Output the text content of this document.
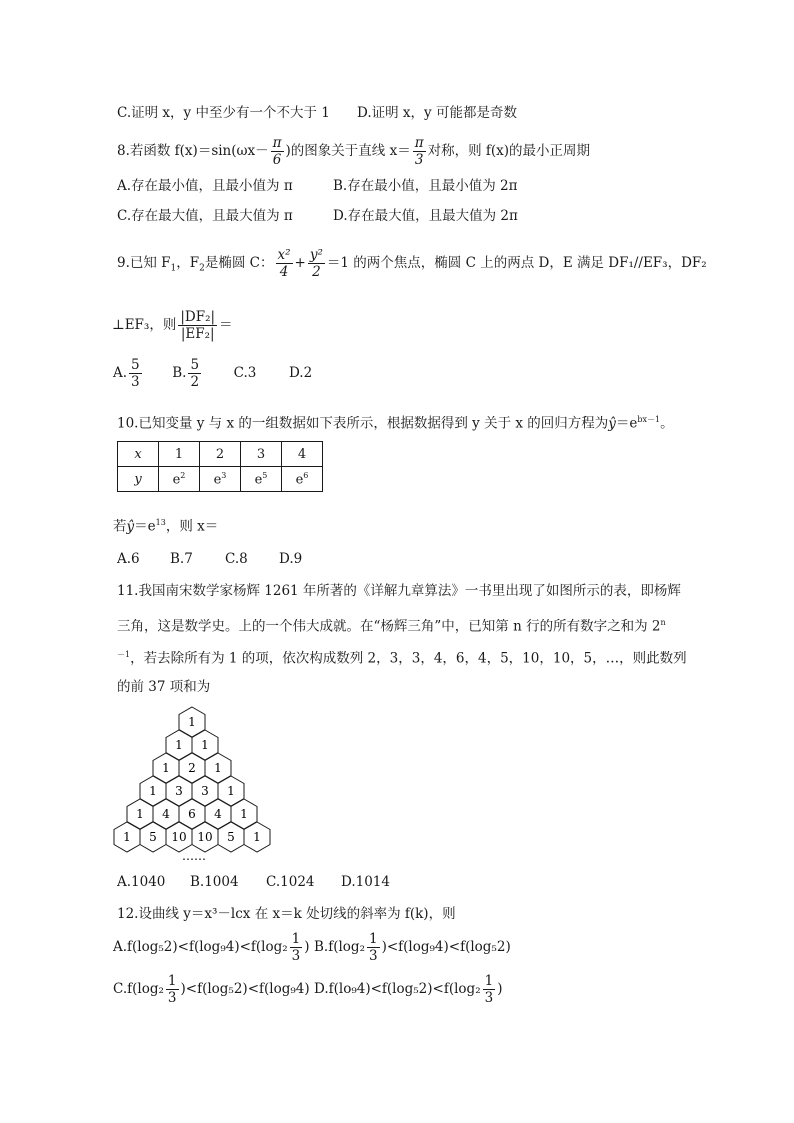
C.证明 x，y 中至少有一个不大于 1 D.证明 x，y 可能都是奇数
8.若函数 $f(x)=\sin(\omega x- \frac{\pi}{6}$ )的图象关于直线 $x= \frac{\pi}{3}$ 对称，则 f(x)的最小正周期
A.存在最小值，且最小值为 π	B.存在最小值，且最小值为 2π
C.存在最大值，且最大值为 π	D.存在最大值，且最大值为 2π
9.已知 $F_1$，$F_2$是椭圆 C： $\frac{\text{x²}}{4} + \frac{\text{y²}}{2} =1$ 的两个焦点，椭圆 C 上的两点 D，E 满足 DF₁//EF₃，DF₂
⊥EF₃，则 $\frac{\text{|DF₂|}}{\text{|EF₂|}}$ ＝
A. $\frac{5}{3} B$. $\frac{5}{2} C.3$ D.2
10.已知变量 y 与 x 的一组数据如下表所示，根据数据得到 y 关于 x 的回归方程为$ŷ=e^{bx-1}$。
x	1	2	3	4
y	$e^2$	$e^3$	$e^5$	$e^6$
若$ŷ=e^{13}$，则 x＝
A.6 B.7 C.8 D.9
11.我国南宋数学家杨辉 1261 年所著的《详解九章算法》一书里出现了如图所示的表，即杨辉
三角，这是数学史。上的一个伟大成就。在“杨辉三角”中，已知第 n 行的所有数字之和为 2$^n$
$^{-1}$，若去除所有为 1 的项，依次构成数列 2，3，3，4，6，4，5，10，10，5，…，则此数列
的前 37 项和为
1
1 1
1 2 1
1 3 3 1
1 4 6 4 1
1 5 10 10 5 1
……
A.1040 B.1004 C.1024 D.1014
12.设曲线 y＝x³－lcx 在 x＝k 处切线的斜率为 f(k)，则
$A.f(\log_52)<f(\log_94)<f(\log_2 \frac{1}{3}$ ) $B.f(\log_2 \frac{1}{3} )<f(\log_94)<f(\log_52)$
$C.f(\log_2 \frac{1}{3} )<f(\log_52)<f(\log_94)$ $D.f(lo_94)<f(\log_52)<f(\log_2 \frac{1}{3}$ )
